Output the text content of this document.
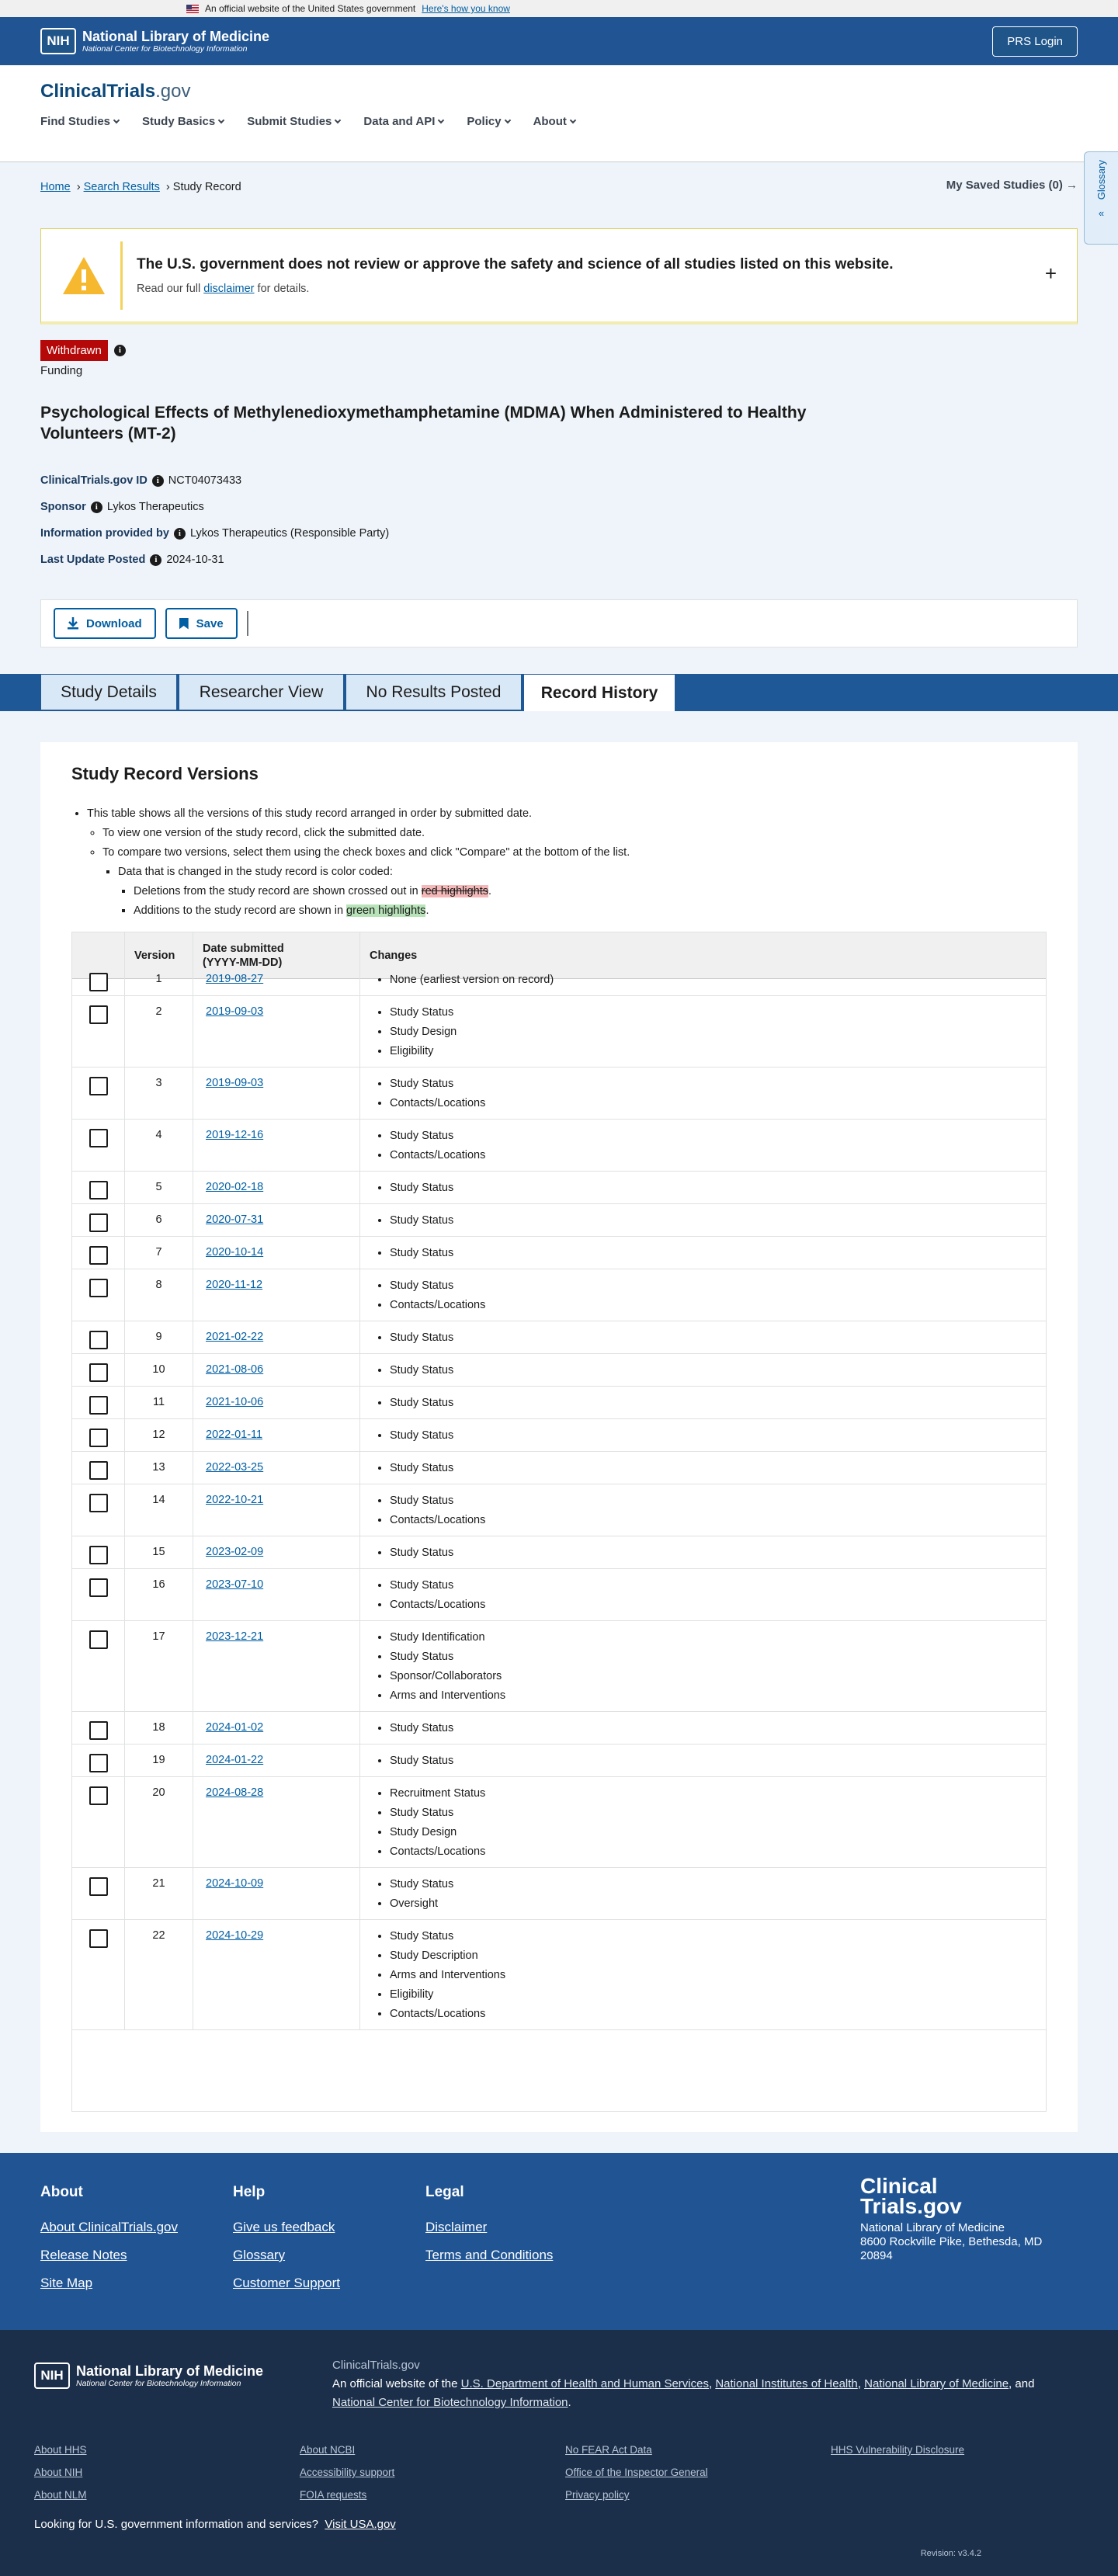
An official website of the United States government Here's how you know
NIH National Library of Medicine
National Center for Biotechnology Information
PRS Login
ClinicalTrials.gov
Find Studies	Study Basics	Submit Studies	Data and API	Policy	About
My Saved Studies (0) → Glossary
«
Home › Search Results › Study Record
The U.S. government does not review or approve the safety and science of all studies listed on this website.
Read our full disclaimer for details.
+
Withdrawn	i
Funding
Psychological Effects of Methylenedioxymethamphetamine (MDMA) When Administered to Healthy Volunteers (MT-2)
ClinicalTrials.gov ID	i NCT04073433
Sponsor	i Lykos Therapeutics
Information provided by	i Lykos Therapeutics (Responsible Party)
Last Update Posted	i 2024-10-31
Download	Save
Study Details	Researcher View	No Results Posted	Record History
Study Record Versions
• This table shows all the versions of this study record arranged in order by submitted date.
◦ To view one version of the study record, click the submitted date.
◦ To compare two versions, select them using the check boxes and click "Compare" at the bottom of the list.
▪ Data that is changed in the study record is color coded:
▪ Deletions from the study record are shown crossed out in red highlights.
▪ Additions to the study record are shown in green highlights.
Version
Date submitted
(YYYY-MM-DD)
Changes
1	2019-08-27	• None (earliest version on record)
2	2019-09-03	• Study Status
• Study Design
• Eligibility
3	2019-09-03	• Study Status
• Contacts/Locations
4	2019-12-16	• Study Status
• Contacts/Locations
5	2020-02-18	• Study Status
6	2020-07-31	• Study Status
7	2020-10-14	• Study Status
8	2020-11-12	• Study Status
• Contacts/Locations
9	2021-02-22	• Study Status
10	2021-08-06	• Study Status
11	2021-10-06	• Study Status
12	2022-01-11	• Study Status
13	2022-03-25	• Study Status
14	2022-10-21	• Study Status
• Contacts/Locations
15	2023-02-09	• Study Status
16	2023-07-10	• Study Status
• Contacts/Locations
17	2023-12-21	• Study Identification
• Study Status
• Sponsor/Collaborators
• Arms and Interventions
18	2024-01-02	• Study Status
19	2024-01-22	• Study Status
20	2024-08-28	• Recruitment Status
• Study Status
• Study Design
• Contacts/Locations
21	2024-10-09	• Study Status
• Oversight
22	2024-10-29	• Study Status
• Study Description
• Arms and Interventions
• Eligibility
• Contacts/Locations
About
About ClinicalTrials.gov
Release Notes
Site Map
Help
Give us feedback
Glossary
Customer Support
Legal
Disclaimer
Terms and Conditions
Clinical
Trials.gov
National Library of Medicine
8600 Rockville Pike, Bethesda, MD
20894
NIH National Library of Medicine
National Center for Biotechnology Information
ClinicalTrials.gov
An official website of the U.S. Department of Health and Human Services, National Institutes of Health, National Library of Medicine, and National Center for Biotechnology Information.
About HHS
About NIH
About NLM
About NCBI
Accessibility support
FOIA requests
No FEAR Act Data
Office of the Inspector General
Privacy policy
HHS Vulnerability Disclosure
Looking for U.S. government information and services? Visit USA.gov
Revision: v3.4.2
